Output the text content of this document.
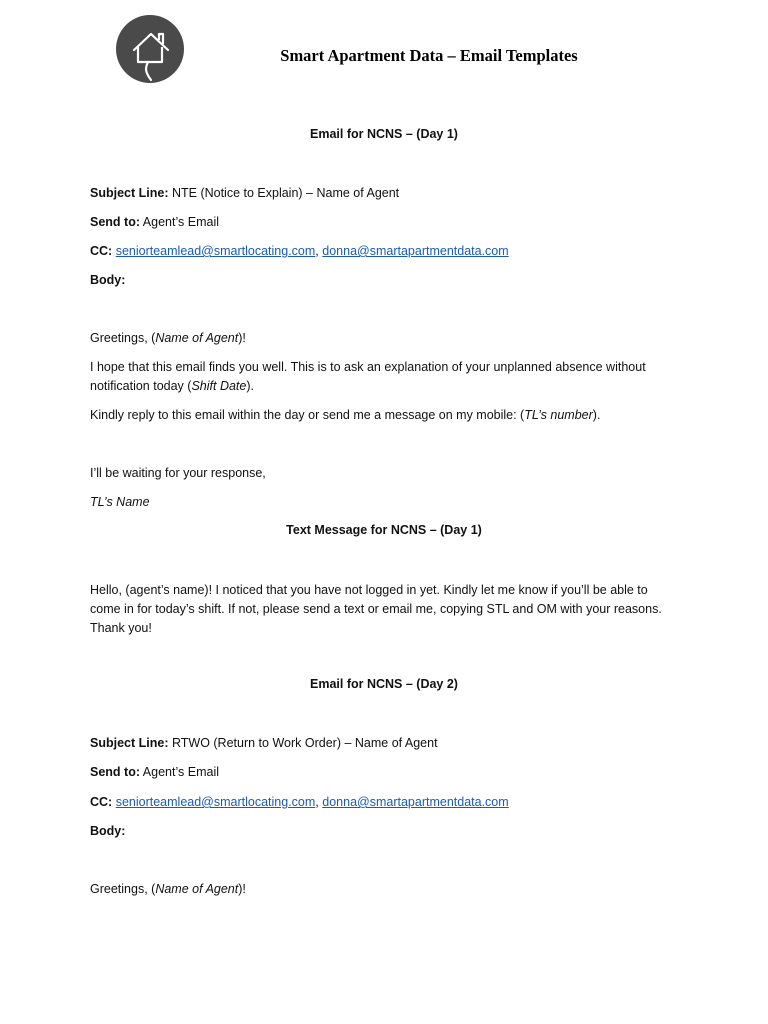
Smart Apartment Data – Email Templates
Email for NCNS – (Day 1)
Subject Line: NTE (Notice to Explain) – Name of Agent
Send to: Agent’s Email
CC: seniorteamlead@smartlocating.com, donna@smartapartmentdata.com
Body:
Greetings, (Name of Agent)!
I hope that this email finds you well. This is to ask an explanation of your unplanned absence without notification today (Shift Date).
Kindly reply to this email within the day or send me a message on my mobile: (TL’s number).
I’ll be waiting for your response,
TL’s Name
Text Message for NCNS – (Day 1)
Hello, (agent’s name)! I noticed that you have not logged in yet. Kindly let me know if you’ll be able to come in for today’s shift. If not, please send a text or email me, copying STL and OM with your reasons. Thank you!
Email for NCNS – (Day 2)
Subject Line: RTWO (Return to Work Order) – Name of Agent
Send to: Agent’s Email
CC: seniorteamlead@smartlocating.com, donna@smartapartmentdata.com
Body:
Greetings, (Name of Agent)!
